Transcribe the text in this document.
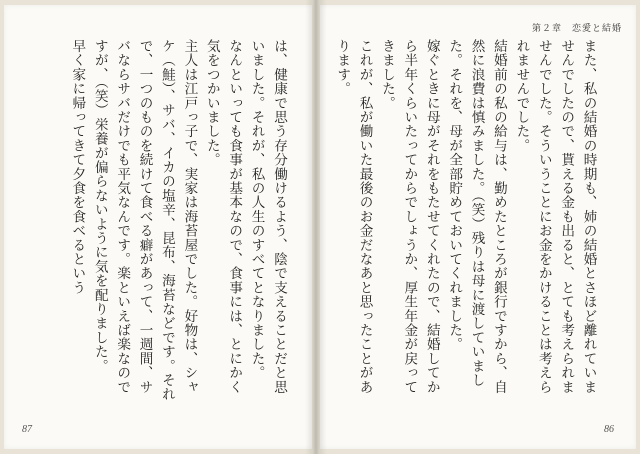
は、健康で思う存分働けるよう、陰で支えることだと思いました。それが、私の人生のすべてとなりました。
なんといっても食事が基本なので、食事には、とにかく気をつかいました。
主人は江戸っ子で、実家は海苔屋でした。好物は、シャケ（鮭）、サバ、イカの塩辛、昆布、海苔などです。それで、一つのものを続けて食べる癖があって、一週間、サバならサバだけでも平気なんです。楽といえば楽なのですが、（笑）栄養が偏らないように気を配りました。
早く家に帰ってきて夕食を食べるという
87
第２章　恋愛と結婚

また、私の結婚の時期も、姉の結婚とさほど離れていませんでしたので、貰える金も出ると、とても考えられませんでした。そういうことにお金をかけることは考えられませんでした。
結婚前の私の給与は、勤めたところが銀行ですから、自然に浪費は慎みました。（笑）残りは母に渡していました。それを、母が全部貯めておいてくれました。
嫁ぐときに母がそれをもたせてくれたので、結婚してから半年くらいたってからでしょうか、厚生年金が戻ってきました。
これが、私が働いた最後のお金だなあと思ったことがあります。

86
